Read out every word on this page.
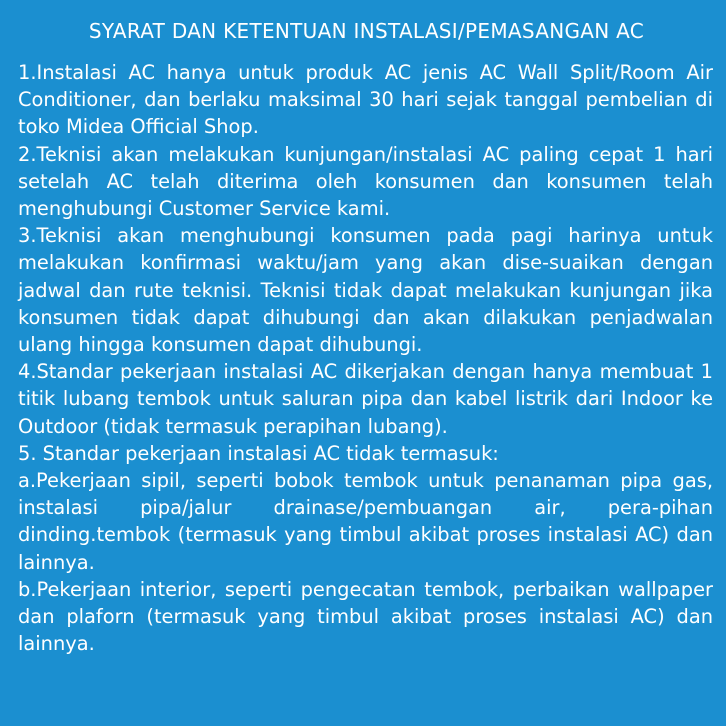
SYARAT DAN KETENTUAN INSTALASI/PEMASANGAN AC

1.Instalasi AC hanya untuk produk AC jenis AC Wall Split/Room Air Conditioner, dan berlaku maksimal 30 hari sejak tanggal pembelian di toko Midea Official Shop.

2.Teknisi akan melakukan kunjungan/instalasi AC paling cepat 1 hari setelah AC telah diterima oleh konsumen dan konsumen telah menghubungi Customer Service kami.

3.Teknisi akan menghubungi konsumen pada pagi harinya untuk melakukan konfirmasi waktu/jam yang akan dise-suaikan dengan jadwal dan rute teknisi. Teknisi tidak dapat melakukan kunjungan jika konsumen tidak dapat dihubungi dan akan dilakukan penjadwalan ulang hingga konsumen dapat dihubungi.

4.Standar pekerjaan instalasi AC dikerjakan dengan hanya membuat 1 titik lubang tembok untuk saluran pipa dan kabel listrik dari Indoor ke Outdoor (tidak termasuk perapihan lubang).

5. Standar pekerjaan instalasi AC tidak termasuk:

a.Pekerjaan sipil, seperti bobok tembok untuk penanaman pipa gas, instalasi pipa/jalur drainase/pembuangan air, pera-pihan dinding.tembok (termasuk yang timbul akibat proses instalasi AC) dan lainnya.

b.Pekerjaan interior, seperti pengecatan tembok, perbaikan wallpaper dan plaforn (termasuk yang timbul akibat proses instalasi AC) dan lainnya.
